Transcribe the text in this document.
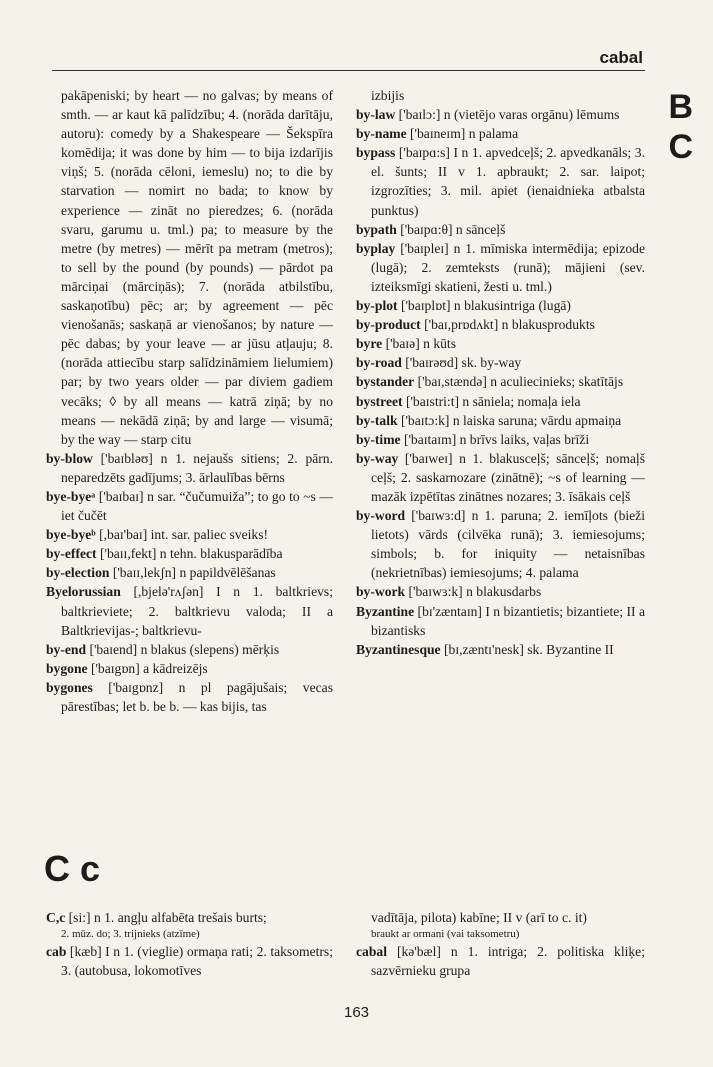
cabal
B
C

pakāpeniski; by heart — no galvas; by means of smth. — ar kaut kā palīdzību; 4. (norāda darītāju, autoru): comedy by a Shakespeare — Šekspīra komēdija; it was done by him — to bija izdarījis viņš; 5. (norāda cēloni, iemeslu) no; to die by starvation — nomirt no bada; to know by experience — zināt no pieredzes; 6. (norāda svaru, garumu u. tml.) pa; to measure by the metre (by metres) — mērīt pa metram (metros); to sell by the pound (by pounds) — pārdot pa mārciņai (mārciņās); 7. (norāda atbilstību, saskaņotību) pēc; ar; by agreement — pēc vienošanās; saskaņā ar vienošanos; by nature — pēc dabas; by your leave — ar jūsu atļauju; 8. (norāda attiecību starp salīdzināmiem lielumiem) par; by two years older — par diviem gadiem vecāks; ◊ by all means — katrā ziņā; by no means — nekādā ziņā; by and large — visumā; by the way — starp citu

by-blow ['baɪbləʊ] n 1. nejaušs sitiens; 2. pārn. neparedzēts gadījums; 3. ārlaulības bērns

bye-byeᵃ ['baɪbaɪ] n sar. “čučumuiža”; to go to ~s — iet čučēt

bye-byeᵇ [,baɪ'baɪ] int. sar. paliec sveiks!

by-effect ['baɪɪ,fekt] n tehn. blakusparādība

by-election ['baɪɪ,lekʃn] n papildvēlēšanas

Byelorussian [,bjelə'rʌʃən] I n 1. baltkrievs; baltkrieviete; 2. baltkrievu valoda; II a Baltkrievijas-; baltkrievu-

by-end ['baɪend] n blakus (slepens) mērķis

bygone ['baɪgɒn] a kādreizējs

bygones ['baɪgɒnz] n pl pagājušais; vecas pārestības; let b. be b. — kas bijis, tas

izbijis

by-law ['baɪlɔ:] n (vietējo varas orgānu) lēmums

by-name ['baɪneɪm] n palama

bypass ['baɪpɑ:s] I n 1. apvedceļš; 2. apvedkanāls; 3. el. šunts; II v 1. apbraukt; 2. sar. laipot; izgrozīties; 3. mil. apiet (ienaidnieka atbalsta punktus)

bypath ['baɪpɑ:θ] n sānceļš

byplay ['baɪpleɪ] n 1. mīmiska intermēdija; epizode (lugā); 2. zemteksts (runā); mājieni (sev. izteiksmīgi skatieni, žesti u. tml.)

by-plot ['baɪplɒt] n blakusintriga (lugā)

by-product ['baɪ,prɒdʌkt] n blakusprodukts

byre ['baɪə] n kūts

by-road ['baɪrəʊd] sk. by-way

bystander ['baɪ,stændə] n aculiecinieks; skatītājs

bystreet ['baɪstri:t] n sāniela; nomaļa iela

by-talk ['baɪtɔ:k] n laiska saruna; vārdu apmaiņa

by-time ['baɪtaɪm] n brīvs laiks, vaļas brīži

by-way ['baɪweɪ] n 1. blakusceļš; sānceļš; nomaļš ceļš; 2. saskarnozare (zinātnē); ~s of learning — mazāk izpētītas zinātnes nozares; 3. īsākais ceļš

by-word ['baɪwɜ:d] n 1. paruna; 2. iemīļots (bieži lietots) vārds (cilvēka runā); 3. iemiesojums; simbols; b. for iniquity — netaisnības (nekrietnības) iemiesojums; 4. palama

by-work ['baɪwɜ:k] n blakusdarbs

Byzantine [bɪ'zæntaɪn] I n bizantietis; bizantiete; II a bizantisks

Byzantinesque [bɪ,zæntɪ'nesk] sk. Byzantine II

C c

C,c [si:] n 1. angļu alfabēta trešais burts;

2. mūz. do; 3. trijnieks (atzīme)

cab [kæb] I n 1. (vieglie) ormaņa rati; 2. taksometrs; 3. (autobusa, lokomotīves

vadītāja, pilota) kabīne; II v (arī to c. it)

braukt ar ormani (vai taksometru)

cabal [kə'bæl] n 1. intriga; 2. politiska kliķe; sazvērnieku grupa

163
